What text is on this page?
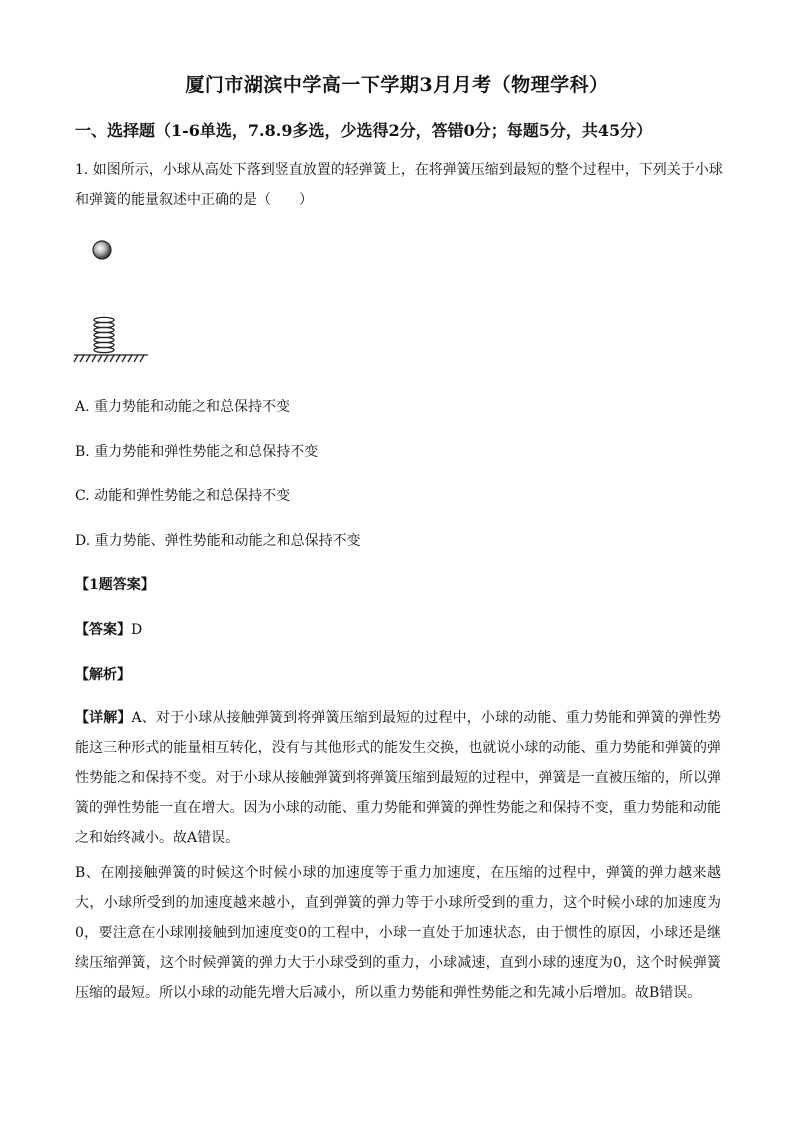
厦门市湖滨中学高一下学期3月月考（物理学科）
一、选择题（1-6单选，7.8.9多选，少选得2分，答错0分；每题5分，共45分）
1. 如图所示，小球从高处下落到竖直放置的轻弹簧上，在将弹簧压缩到最短的整个过程中，下列关于小球和弹簧的能量叙述中正确的是（　　）
A. 重力势能和动能之和总保持不变
B. 重力势能和弹性势能之和总保持不变
C. 动能和弹性势能之和总保持不变
D. 重力势能、弹性势能和动能之和总保持不变
【1题答案】
【答案】D
【解析】
【详解】A、对于小球从接触弹簧到将弹簧压缩到最短的过程中，小球的动能、重力势能和弹簧的弹性势能这三种形式的能量相互转化，没有与其他形式的能发生交换，也就说小球的动能、重力势能和弹簧的弹性势能之和保持不变。对于小球从接触弹簧到将弹簧压缩到最短的过程中，弹簧是一直被压缩的，所以弹簧的弹性势能一直在增大。因为小球的动能、重力势能和弹簧的弹性势能之和保持不变，重力势能和动能之和始终减小。故A错误。
B、在刚接触弹簧的时候这个时候小球的加速度等于重力加速度，在压缩的过程中，弹簧的弹力越来越大，小球所受到的加速度越来越小，直到弹簧的弹力等于小球所受到的重力，这个时候小球的加速度为0，要注意在小球刚接触到加速度变0的工程中，小球一直处于加速状态，由于惯性的原因，小球还是继续压缩弹簧，这个时候弹簧的弹力大于小球受到的重力，小球减速，直到小球的速度为0，这个时候弹簧压缩的最短。所以小球的动能先增大后减小，所以重力势能和弹性势能之和先减小后增加。故B错误。
